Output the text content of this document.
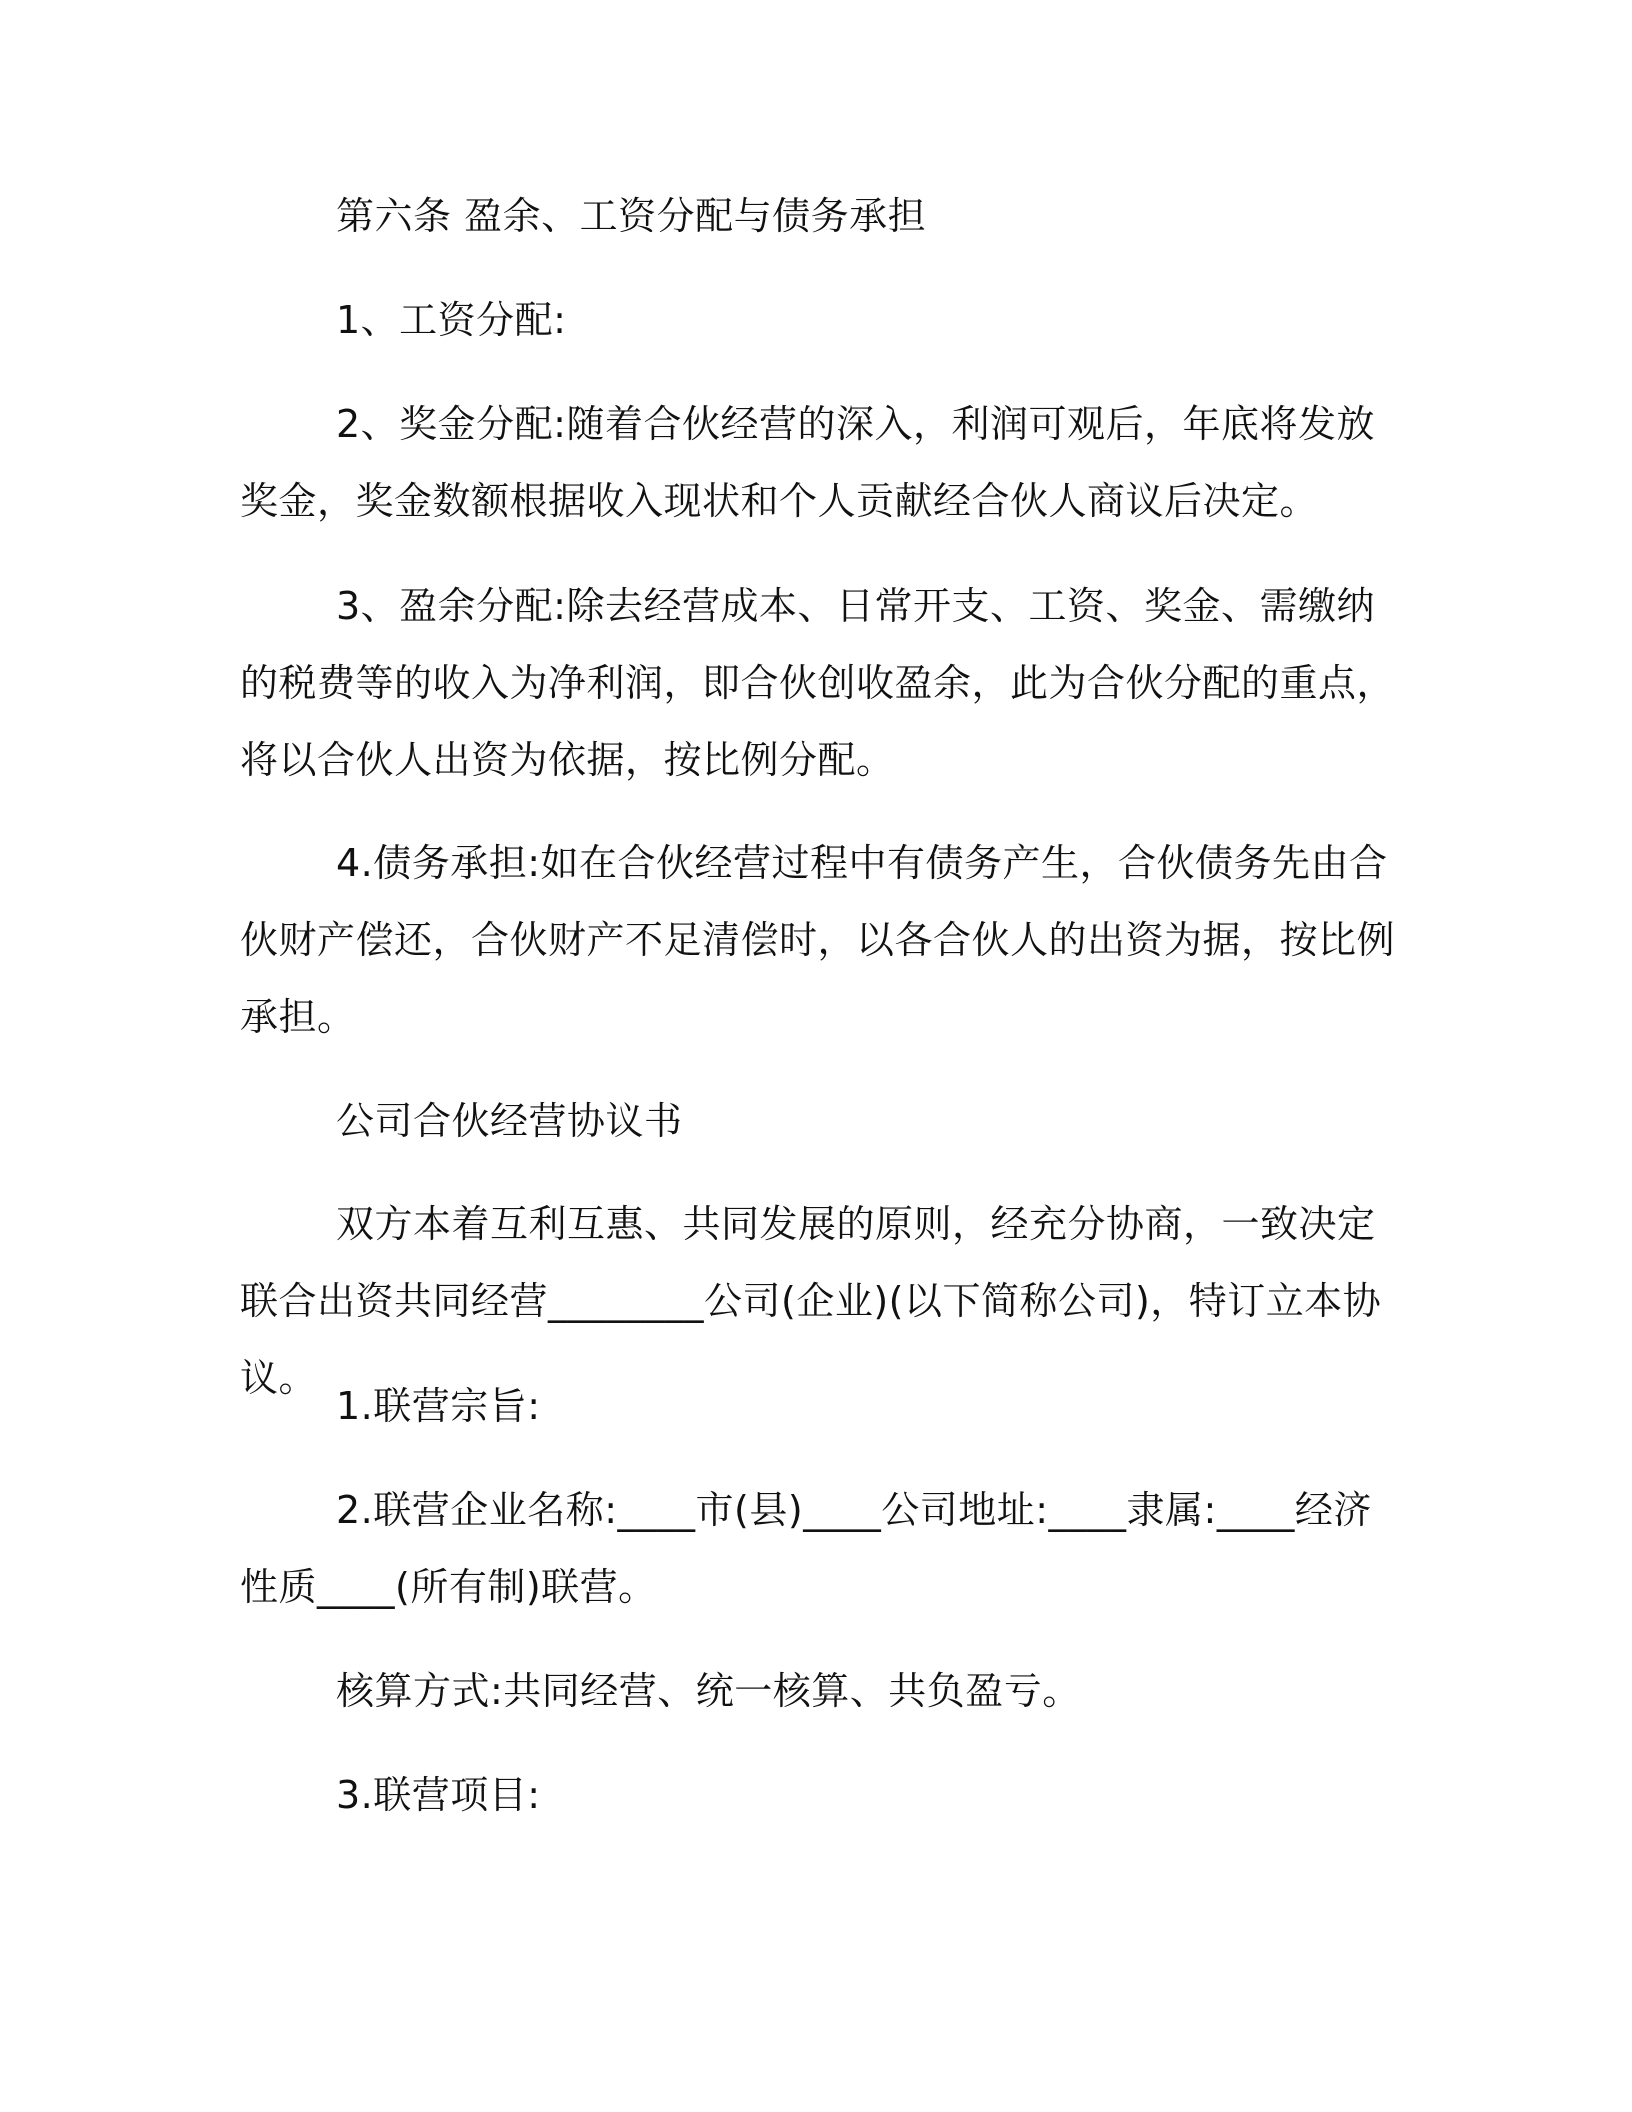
第六条 盈余、工资分配与债务承担

1、工资分配:

2、奖金分配:随着合伙经营的深入，利润可观后，年底将发放奖金，奖金数额根据收入现状和个人贡献经合伙人商议后决定。

3、盈余分配:除去经营成本、日常开支、工资、奖金、需缴纳的税费等的收入为净利润，即合伙创收盈余，此为合伙分配的重点，将以合伙人出资为依据，按比例分配。

4.债务承担:如在合伙经营过程中有债务产生，合伙债务先由合伙财产偿还，合伙财产不足清偿时，以各合伙人的出资为据，按比例承担。

公司合伙经营协议书

双方本着互利互惠、共同发展的原则，经充分协商，一致决定联合出资共同经营________公司(企业)(以下简称公司)，特订立本协议。

1.联营宗旨:

2.联营企业名称:____市(县)____公司地址:____隶属:____经济性质____(所有制)联营。

核算方式:共同经营、统一核算、共负盈亏。

3.联营项目:
